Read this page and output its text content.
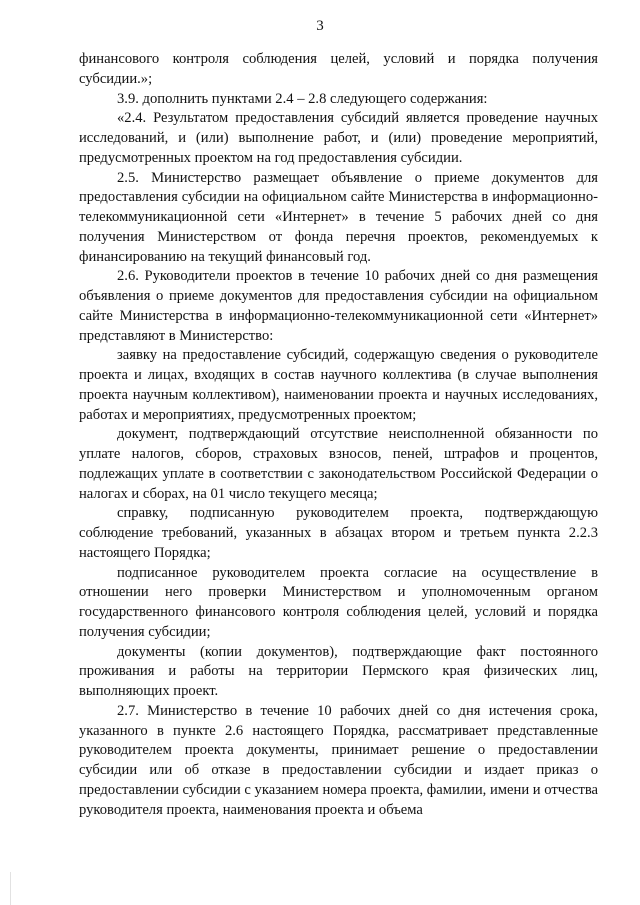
3

финансового контроля соблюдения целей, условий и порядка получения субсидии.»;

3.9. дополнить пунктами 2.4 – 2.8 следующего содержания:

«2.4. Результатом предоставления субсидий является проведение научных исследований, и (или) выполнение работ, и (или) проведение мероприятий, предусмотренных проектом на год предоставления субсидии.

2.5. Министерство размещает объявление о приеме документов для предоставления субсидии на официальном сайте Министерства в информационно-телекоммуникационной сети «Интернет» в течение 5 рабочих дней со дня получения Министерством от фонда перечня проектов, рекомендуемых к финансированию на текущий финансовый год.

2.6. Руководители проектов в течение 10 рабочих дней со дня размещения объявления о приеме документов для предоставления субсидии на официальном сайте Министерства в информационно-телекоммуникационной сети «Интернет» представляют в Министерство:

заявку на предоставление субсидий, содержащую сведения о руководителе проекта и лицах, входящих в состав научного коллектива (в случае выполнения проекта научным коллективом), наименовании проекта и научных исследованиях, работах и мероприятиях, предусмотренных проектом;

документ, подтверждающий отсутствие неисполненной обязанности по уплате налогов, сборов, страховых взносов, пеней, штрафов и процентов, подлежащих уплате в соответствии с законодательством Российской Федерации о налогах и сборах, на 01 число текущего месяца;

справку, подписанную руководителем проекта, подтверждающую соблюдение требований, указанных в абзацах втором и третьем пункта 2.2.3 настоящего Порядка;

подписанное руководителем проекта согласие на осуществление в отношении него проверки Министерством и уполномоченным органом государственного финансового контроля соблюдения целей, условий и порядка получения субсидии;

документы (копии документов), подтверждающие факт постоянного проживания и работы на территории Пермского края физических лиц, выполняющих проект.

2.7. Министерство в течение 10 рабочих дней со дня истечения срока, указанного в пункте 2.6 настоящего Порядка, рассматривает представленные руководителем проекта документы, принимает решение о предоставлении субсидии или об отказе в предоставлении субсидии и издает приказ о предоставлении субсидии с указанием номера проекта, фамилии, имени и отчества руководителя проекта, наименования проекта и объема
